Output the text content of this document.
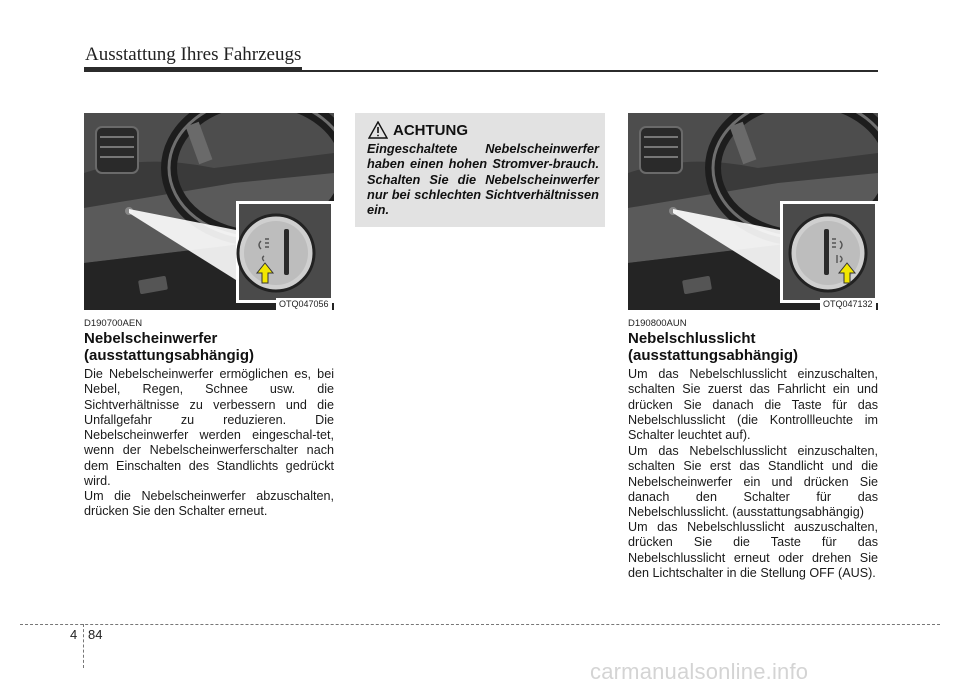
Ausstattung Ihres Fahrzeugs
OTQ047056
D190700AEN
Nebelscheinwerfer
(ausstattungsabhängig)

Die Nebelscheinwerfer ermöglichen es, bei Nebel, Regen, Schnee usw. die Sichtverhältnisse zu verbessern und die Unfallgefahr zu reduzieren. Die Nebelscheinwerfer werden eingeschal-tet, wenn der Nebelscheinwerferschalter nach dem Einschalten des Standlichts gedrückt wird.

Um die Nebelscheinwerfer abzuschalten, drücken Sie den Schalter erneut.

ACHTUNG

Eingeschaltete Nebelscheinwerfer haben einen hohen Stromver-brauch. Schalten Sie die Nebelscheinwerfer nur bei schlechten Sichtverhältnissen ein.

OTQ047132
D190800AUN
Nebelschlusslicht
(ausstattungsabhängig)

Um das Nebelschlusslicht einzuschalten, schalten Sie zuerst das Fahrlicht ein und drücken Sie danach die Taste für das Nebelschlusslicht (die Kontrollleuchte im Schalter leuchtet auf).

Um das Nebelschlusslicht einzuschalten, schalten Sie erst das Standlicht und die Nebelscheinwerfer ein und drücken Sie danach den Schalter für das Nebelschlusslicht. (ausstattungsabhängig)

Um das Nebelschlusslicht auszuschalten, drücken Sie die Taste für das Nebelschlusslicht erneut oder drehen Sie den Lichtschalter in die Stellung OFF (AUS).

4 84
carmanualsonline.info
